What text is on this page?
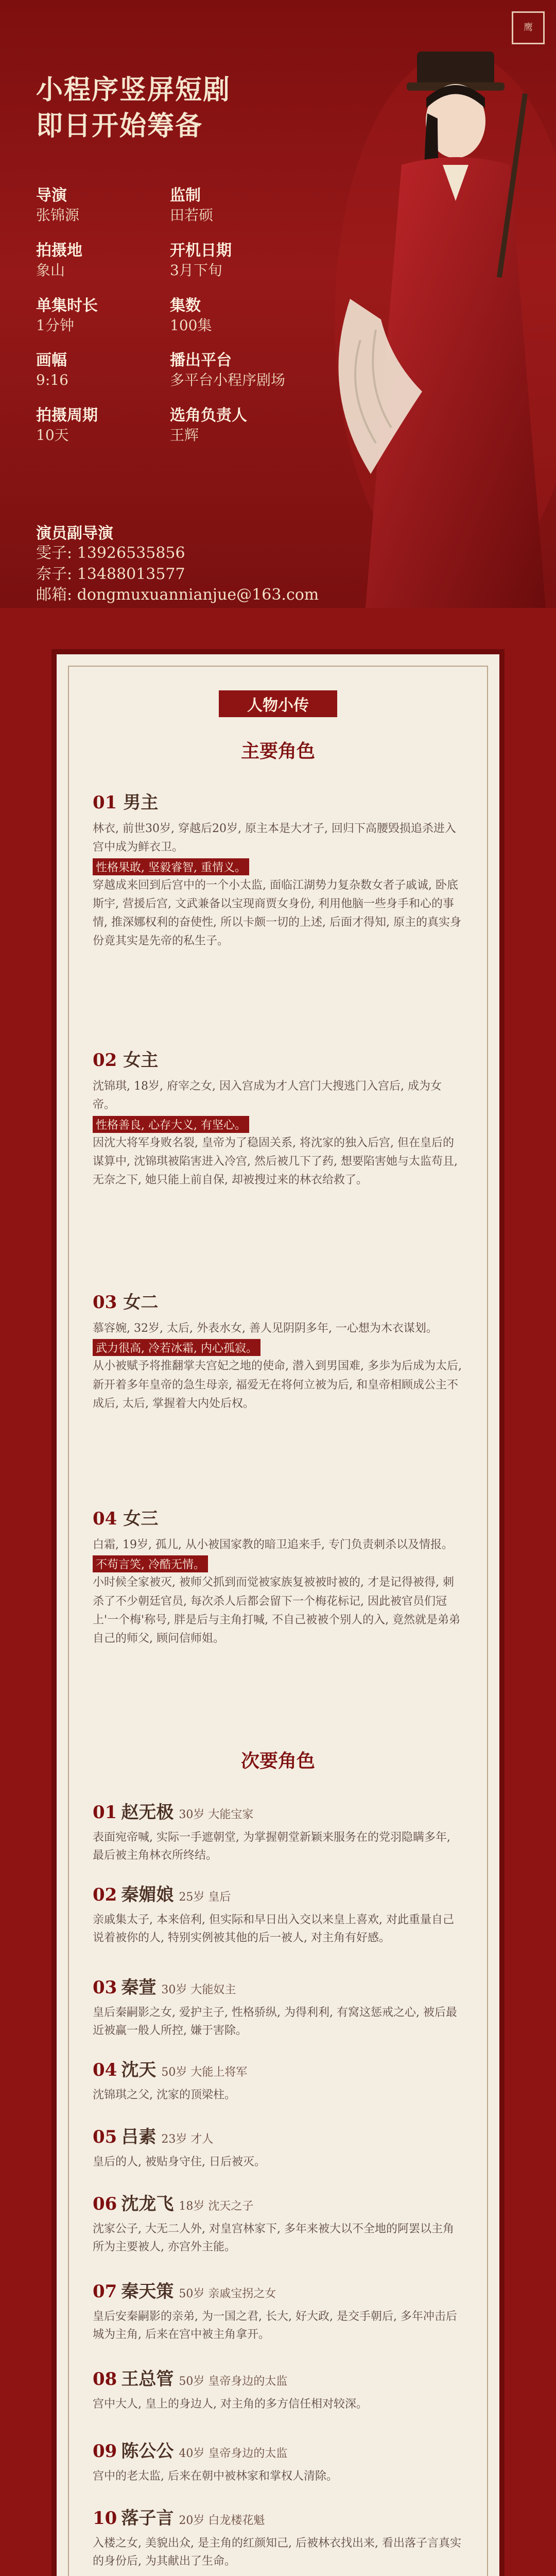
鹰
小程序竖屏短剧
即日开始筹备
导演
张锦源
监制
田若硕
拍摄地
象山
开机日期
3月下旬
单集时长
1分钟
集数
100集
画幅
9:16
播出平台
多平台小程序剧场
拍摄周期
10天
选角负责人
王辉
演员副导演
雯子: 13926535856
奈子: 13488013577
邮箱: dongmuxuannianjue@163.com
人物小传
主要角色
01 男主
林衣, 前世30岁, 穿越后20岁, 原主本是大才子, 回归下高腰毁损追杀进入宫中成为鲜衣卫。
性格果敢, 坚毅睿智, 重情义。
穿越成来回到后宫中的一个小太监, 面临江湖势力复杂数女者子戚诚, 卧底斯宇, 营援后宫, 文武兼备以宝现商贾女身份, 利用他脑一些身手和心的事情, 推深娜权利的奋使性, 所以卡颇一切的上述, 后面才得知, 原主的真实身份竟其实是先帝的私生子。
02 女主
沈锦琪, 18岁, 府宰之女, 因入宫成为才人宫门大搜逃门入宫后, 成为女帝。
性格善良, 心存大义, 有坚心。
因沈大将军身败名裂, 皇帝为了稳固关系, 将沈家的独入后宫, 但在皇后的谋算中, 沈锦琪被陷害进入冷宫, 然后被几下了药, 想要陷害她与太监苟且, 无奈之下, 她只能上前自保, 却被搜过来的林衣给救了。
03 女二
慕容婉, 32岁, 太后, 外表水女, 善人见阴阴多年, 一心想为木衣谋划。
武力很高, 冷若冰霜, 内心孤寂。
从小被赋予将推翻掌夫宫妃之地的使命, 潜入到男国难, 多歩为后成为太后, 新开着多年皇帝的急生母亲, 福爱无在将何立被为后, 和皇帝相顾成公主不成后, 太后, 掌握着大内处后权。
04 女三
白霜, 19岁, 孤儿, 从小被国家教的暗卫追来手, 专门负责刺杀以及情报。
不苟言笑, 冷酷无情。
小时候全家被灭, 被师父抓到而觉被家族复被被时被的, 才是记得被得, 刺杀了不少朝廷官员, 每次杀人后都会留下一个梅花标记, 因此被官员们冠上'一个梅'称号, 胖是后与主角打喊, 不自己被被个别人的入, 竟然就是弟弟自己的师父, 顾问信师姐。
次要角色
01 赵无极 30岁 大能宝家
表面宛帝喊, 实际一手遮朝堂, 为掌握朝堂新颖来服务在的党羽隐瞒多年, 最后被主角林衣所终结。
02 秦媚娘 25岁 皇后
亲戚集太子, 本来倍利, 但实际和早日出入交以来皇上喜欢, 对此重量自己说着被你的人, 特别实例被其他的后一被人, 对主角有好感。
03 秦萱 30岁 大能奴主
皇后秦嗣影之女, 爱护主子, 性格骄纵, 为得利利, 有窝这惩戒之心, 被后最近被赢一般人所控, 嫌于害除。
04 沈天 50岁 大能上将军
沈锦琪之父, 沈家的顶梁柱。
05 吕素 23岁 才人
皇后的人, 被贴身守住, 日后被灭。
06 沈龙飞 18岁 沈天之子
沈家公子, 大无二人外, 对皇宫林家下, 多年来被大以不全地的阿罢以主角所为主要被人, 亦宫外主能。
07 秦天策 50岁 亲戚宝拐之女
皇后安秦嗣影的亲弟, 为一国之君, 长大, 好大政, 是交手朝后, 多年冲击后城为主角, 后来在宫中被主角拿开。
08 王总管 50岁 皇帝身边的太监
宫中大人, 皇上的身边人, 对主角的多方信任相对较深。
09 陈公公 40岁 皇帝身边的太监
宫中的老太监, 后来在朝中被林家和掌权人清除。
10 落子言 20岁 白龙楼花魁
入楼之女, 美貌出众, 是主角的红颜知己, 后被林衣找出来, 看出落子言真实的身份后, 为其献出了生命。
